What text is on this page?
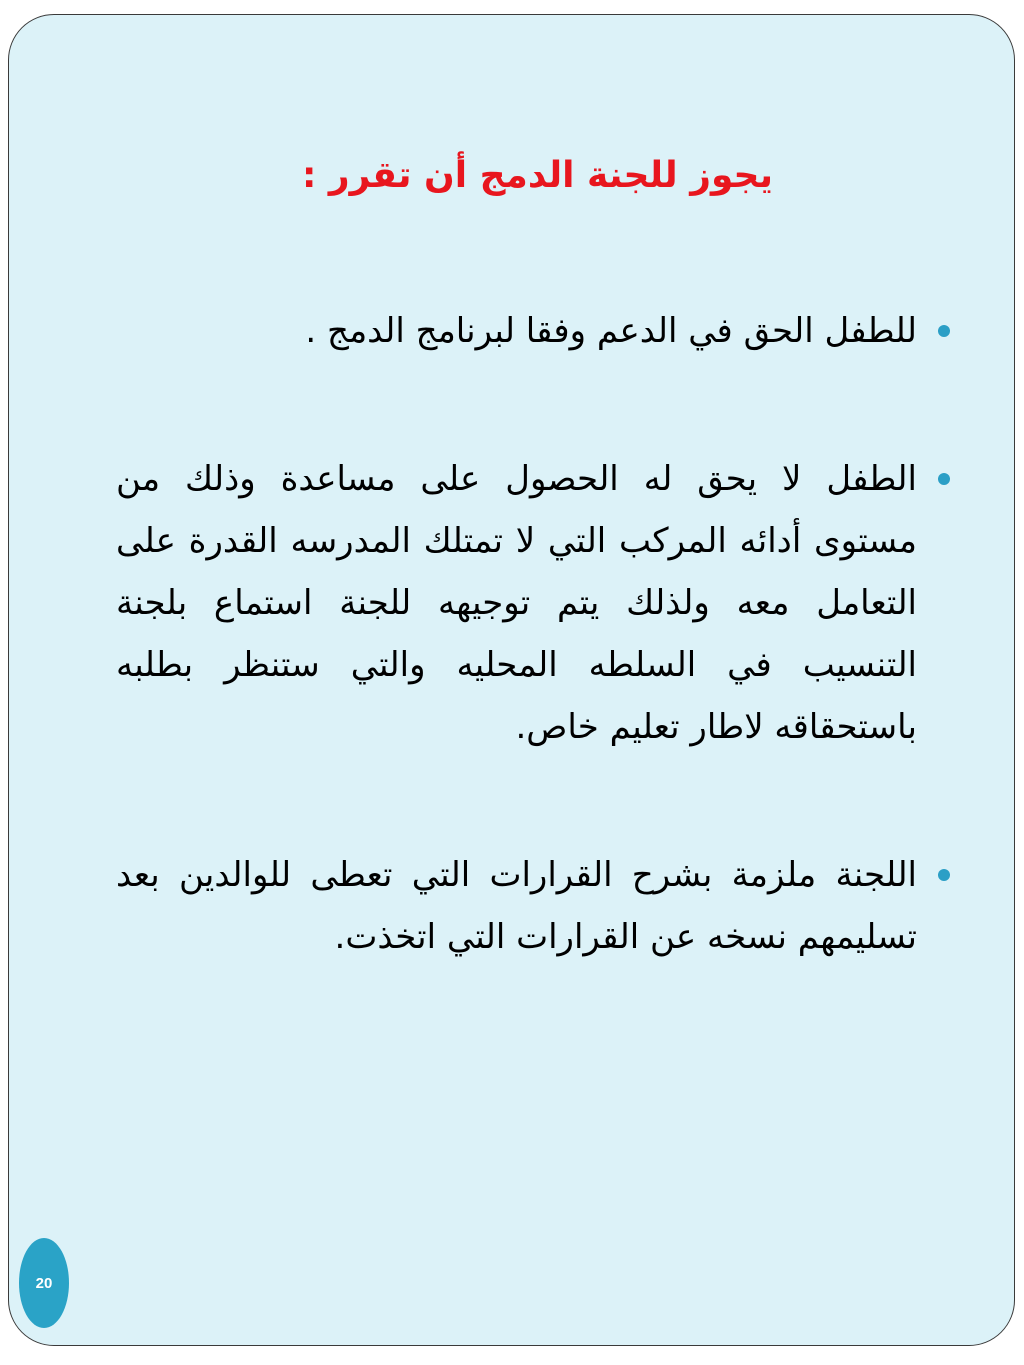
يجوز للجنة الدمج أن تقرر :
للطفل الحق في الدعم وفقا لبرنامج الدمج .
الطفل لا يحق له الحصول على مساعدة وذلك من مستوى أدائه المركب التي لا تمتلك المدرسه القدرة على التعامل معه ولذلك يتم توجيهه للجنة استماع بلجنة التنسيب في السلطه المحليه والتي ستنظر بطلبه باستحقاقه لاطار تعليم خاص.
اللجنة ملزمة بشرح القرارات التي تعطى للوالدين بعد تسليمهم نسخه عن القرارات التي اتخذت.
20
